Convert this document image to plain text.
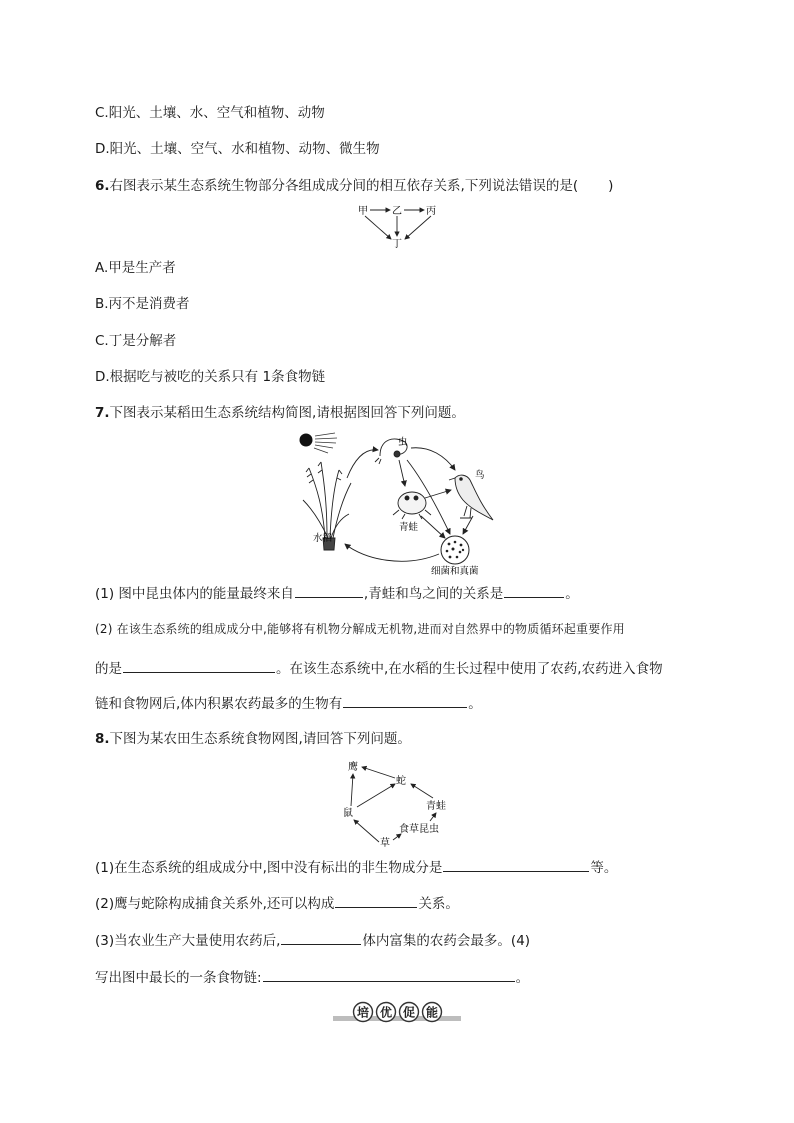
C.阳光、土壤、水、空气和植物、动物
D.阳光、土壤、空气、水和植物、动物、微生物
6.右图表示某生态系统生物部分各组成成分间的相互依存关系,下列说法错误的是( )
甲 乙 丙
丁
A.甲是生产者
B.丙不是消费者
C.丁是分解者
D.根据吃与被吃的关系只有 1条食物链
7.下图表示某稻田生态系统结构简图,请根据图回答下列问题。
水稻
虫
青蛙
鸟
细菌和真菌
(1) 图中昆虫体内的能量最终来自	,青蛙和鸟之间的关系是	。
(2) 在该生态系统的组成成分中,能够将有机物分解成无机物,进而对自然界中的物质循环起重要作用
的是	。在该生态系统中,在水稻的生长过程中使用了农药,农药进入食物
链和食物网后,体内积累农药最多的生物有	。
8.下图为某农田生态系统食物网图,请回答下列问题。
鹰
蛇
鼠
青蛙
食草昆虫
草
(1)在生态系统的组成成分中,图中没有标出的非生物成分是	等。
(2)鹰与蛇除构成捕食关系外,还可以构成	关系。
(3)当农业生产大量使用农药后,	体内富集的农药会最多。(4)
写出图中最长的一条食物链:	。
培 优 促 能
